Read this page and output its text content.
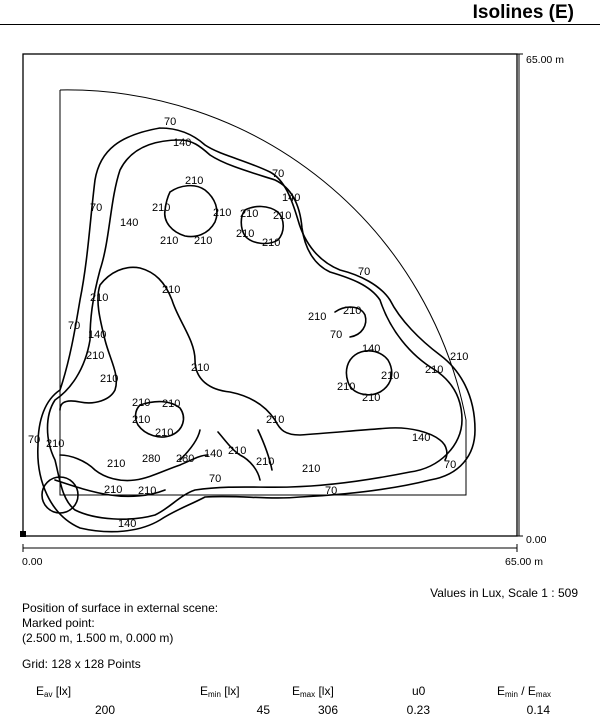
Isolines (E)
70
140
70
140
210
210	210
210 210
210 210
210
210
70
140
70
210
210
70
140
210
210 210
70
210
140
210
210
210
210
210
210
210 210
70
210
140
210
280
210
140
210
280	210	70
210	210
70
140
70
210 210
210
65.00 m
0.00
0.00	65.00 m
Values in Lux, Scale 1 : 509
Position of surface in external scene:
Marked point:
(2.500 m, 1.500 m, 0.000 m)
Grid: 128 x 128 Points
$E_{av}$ [lx]	$E_{min}$ [lx]	$E_{max}$ [lx]	u0	$E_{min} / E_{max}$
200	45	306	0.23	0.14
